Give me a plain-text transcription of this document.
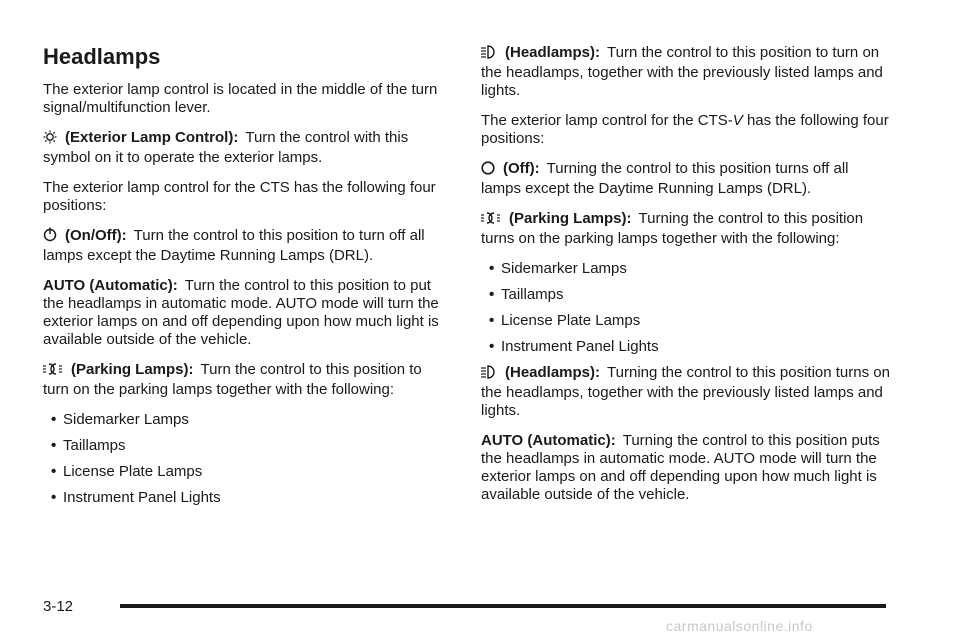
Headlamps

The exterior lamp control is located in the middle of the turn signal/multifunction lever.

(Exterior Lamp Control): Turn the control with this symbol on it to operate the exterior lamps.

The exterior lamp control for the CTS has the following four positions:

(On/Off): Turn the control to this position to turn off all lamps except the Daytime Running Lamps (DRL).

AUTO (Automatic): Turn the control to this position to put the headlamps in automatic mode. AUTO mode will turn the exterior lamps on and off depending upon how much light is available outside of the vehicle.

(Parking Lamps): Turn the control to this position to turn on the parking lamps together with the following:

• Sidemarker Lamps
• Taillamps
• License Plate Lamps
• Instrument Panel Lights

(Headlamps): Turn the control to this position to turn on the headlamps, together with the previously listed lamps and lights.

The exterior lamp control for the CTS-V has the following four positions:

(Off): Turning the control to this position turns off all lamps except the Daytime Running Lamps (DRL).

(Parking Lamps): Turning the control to this position turns on the parking lamps together with the following:

• Sidemarker Lamps
• Taillamps
• License Plate Lamps
• Instrument Panel Lights

(Headlamps): Turning the control to this position turns on the headlamps, together with the previously listed lamps and lights.

AUTO (Automatic): Turning the control to this position puts the headlamps in automatic mode. AUTO mode will turn the exterior lamps on and off depending upon how much light is available outside of the vehicle.

3-12
carmanualsonline.info
